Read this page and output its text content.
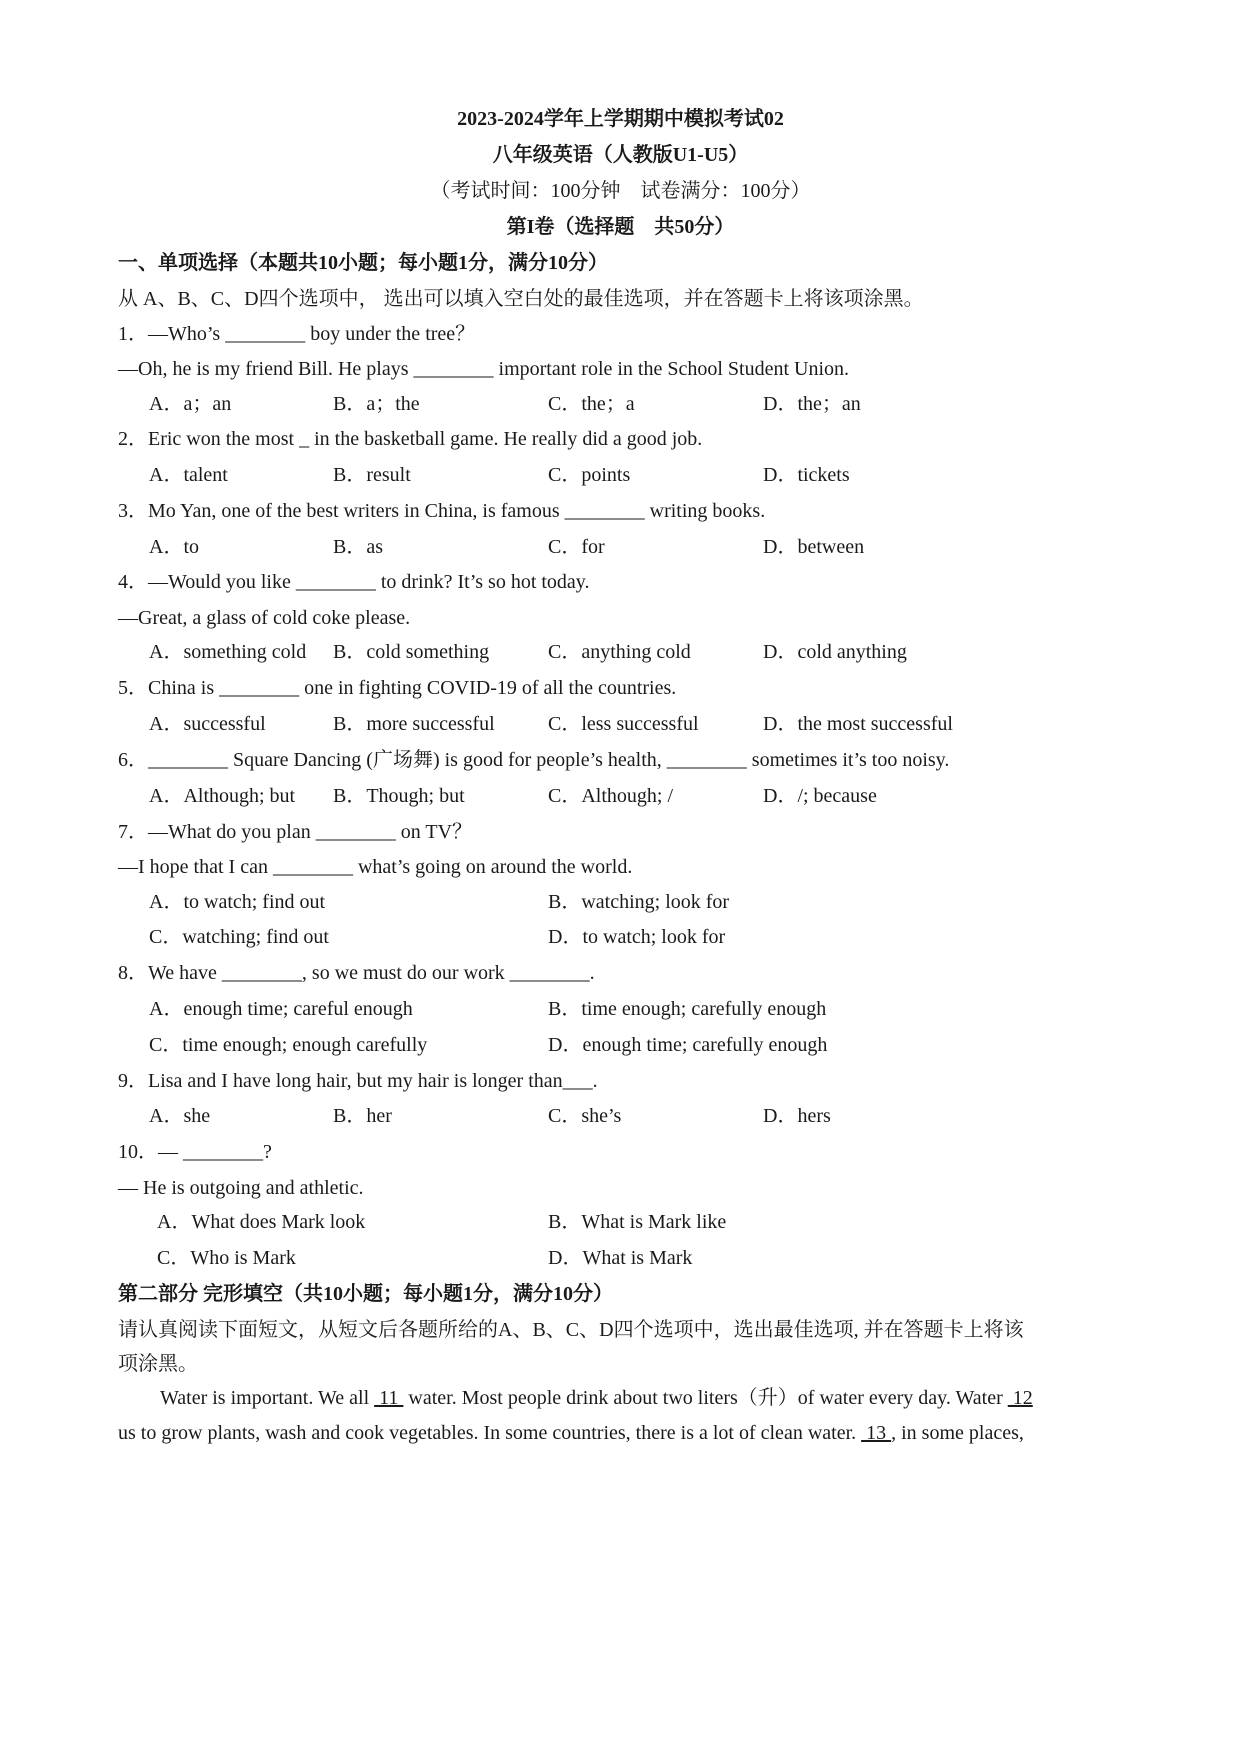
2023-2024学年上学期期中模拟考试02
八年级英语（人教版U1-U5）
（考试时间：100分钟　试卷满分：100分）
第I卷（选择题　共50分）
一、单项选择（本题共10小题；每小题1分，满分10分）
从 A、B、C、D四个选项中， 选出可以填入空白处的最佳选项，并在答题卡上将该项涂黑。
1．—Who’s ________ boy under the tree？
—Oh, he is my friend Bill. He plays ________ important role in the School Student Union.
A．a；an	B．a；the	C．the；a	D．the；an
2．Eric won the most _ in the basketball game. He really did a good job.
A．talent	B．result	C．points	D．tickets
3．Mo Yan, one of the best writers in China, is famous ________ writing books.
A．to	B．as	C．for	D．between
4．—Would you like ________ to drink? It’s so hot today.
—Great, a glass of cold coke please.
A．something cold B．cold something	C．anything cold	D．cold anything
5．China is ________ one in fighting COVID-19 of all the countries.
A．successful	B．more successful	C．less successful	D．the most successful
6．________ Square Dancing (广场舞) is good for people’s health, ________ sometimes it’s too noisy.
A．Although; but B．Though; but	C．Although; /	D．/; because
7．—What do you plan ________ on TV？
—I hope that I can ________ what’s going on around the world.
A．to watch; find out	B．watching; look for
C．watching; find out	D．to watch; look for
8．We have ________, so we must do our work ________.
A．enough time; careful enough	B．time enough; carefully enough
C．time enough; enough carefully	D．enough time; carefully enough
9．Lisa and I have long hair, but my hair is longer than___.
A．she	B．her	C．she’s	D．hers
10．— ________?
— He is outgoing and athletic.
A．What does Mark look	B．What is Mark like
C．Who is Mark	D．What is Mark
第二部分 完形填空（共10小题；每小题1分，满分10分）
请认真阅读下面短文，从短文后各题所给的A、B、C、D四个选项中，选出最佳选项, 并在答题卡上将该
项涂黑。
Water is important. We all  11  water. Most people drink about two liters（升）of water every day. Water  12
us to grow plants, wash and cook vegetables. In some countries, there is a lot of clean water.  13 , in some places,
